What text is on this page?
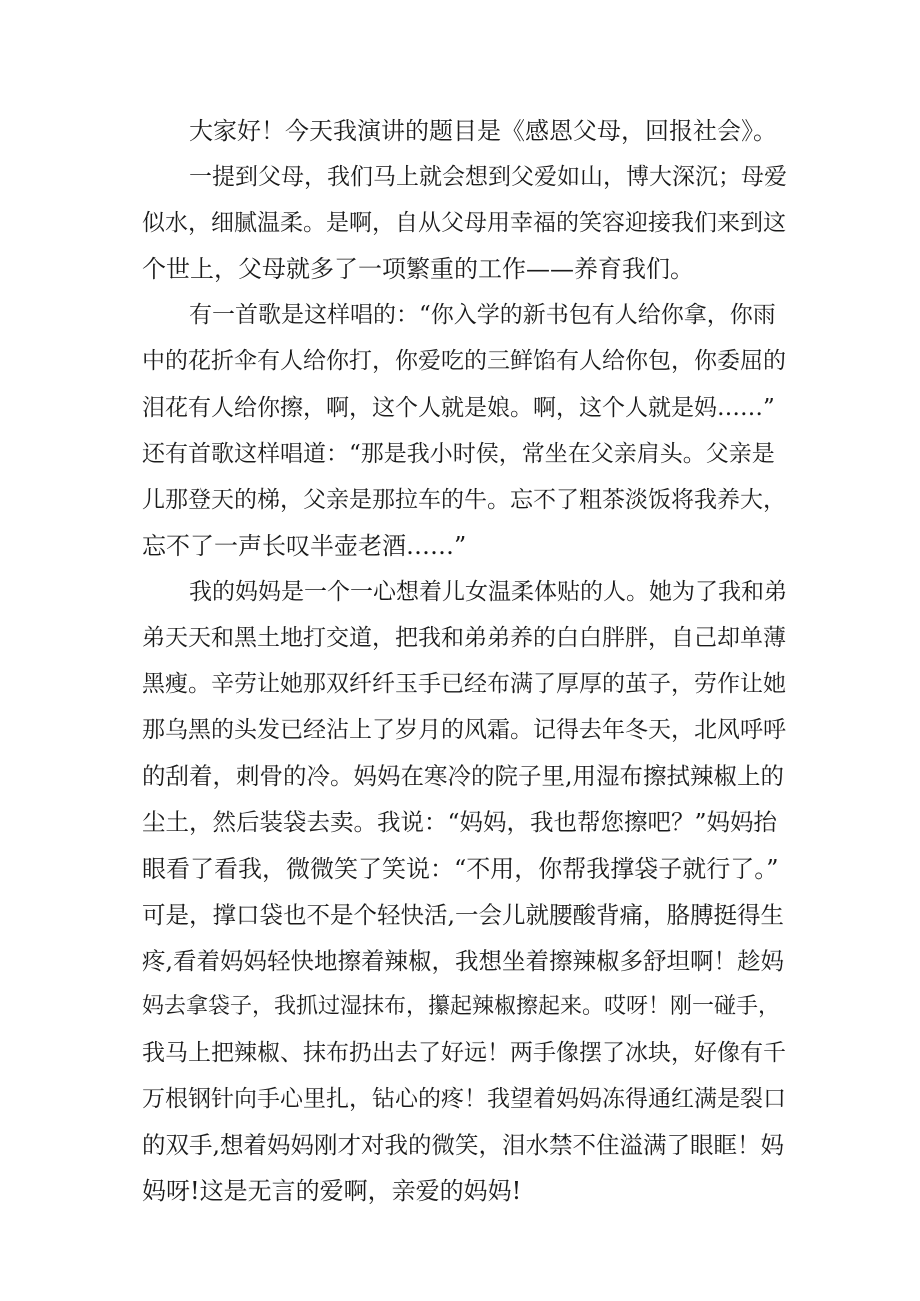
大家好！今天我演讲的题目是《感恩父母，回报社会》。

一提到父母，我们马上就会想到父爱如山，博大深沉；母爱

似水，细腻温柔。是啊，自从父母用幸福的笑容迎接我们来到这

个世上，父母就多了一项繁重的工作——养育我们。

有一首歌是这样唱的：“你入学的新书包有人给你拿，你雨

中的花折伞有人给你打，你爱吃的三鲜馅有人给你包，你委屈的

泪花有人给你擦，啊，这个人就是娘。啊，这个人就是妈……”

还有首歌这样唱道：“那是我小时侯，常坐在父亲肩头。父亲是

儿那登天的梯，父亲是那拉车的牛。忘不了粗茶淡饭将我养大，

忘不了一声长叹半壶老酒……”

我的妈妈是一个一心想着儿女温柔体贴的人。她为了我和弟

弟天天和黑土地打交道，把我和弟弟养的白白胖胖，自己却单薄

黑瘦。辛劳让她那双纤纤玉手已经布满了厚厚的茧子，劳作让她

那乌黑的头发已经沾上了岁月的风霜。记得去年冬天，北风呼呼

的刮着，刺骨的冷。妈妈在寒冷的院子里,用湿布擦拭辣椒上的

尘土，然后装袋去卖。我说：“妈妈，我也帮您擦吧？”妈妈抬

眼看了看我，微微笑了笑说：“不用，你帮我撑袋子就行了。”

可是，撑口袋也不是个轻快活,一会儿就腰酸背痛，胳膊挺得生

疼,看着妈妈轻快地擦着辣椒，我想坐着擦辣椒多舒坦啊！趁妈

妈去拿袋子，我抓过湿抹布，攥起辣椒擦起来。哎呀！刚一碰手，

我马上把辣椒、抹布扔出去了好远！两手像摆了冰块，好像有千

万根钢针向手心里扎，钻心的疼！我望着妈妈冻得通红满是裂口

的双手,想着妈妈刚才对我的微笑，泪水禁不住溢满了眼眶！妈

妈呀!这是无言的爱啊，亲爱的妈妈!
